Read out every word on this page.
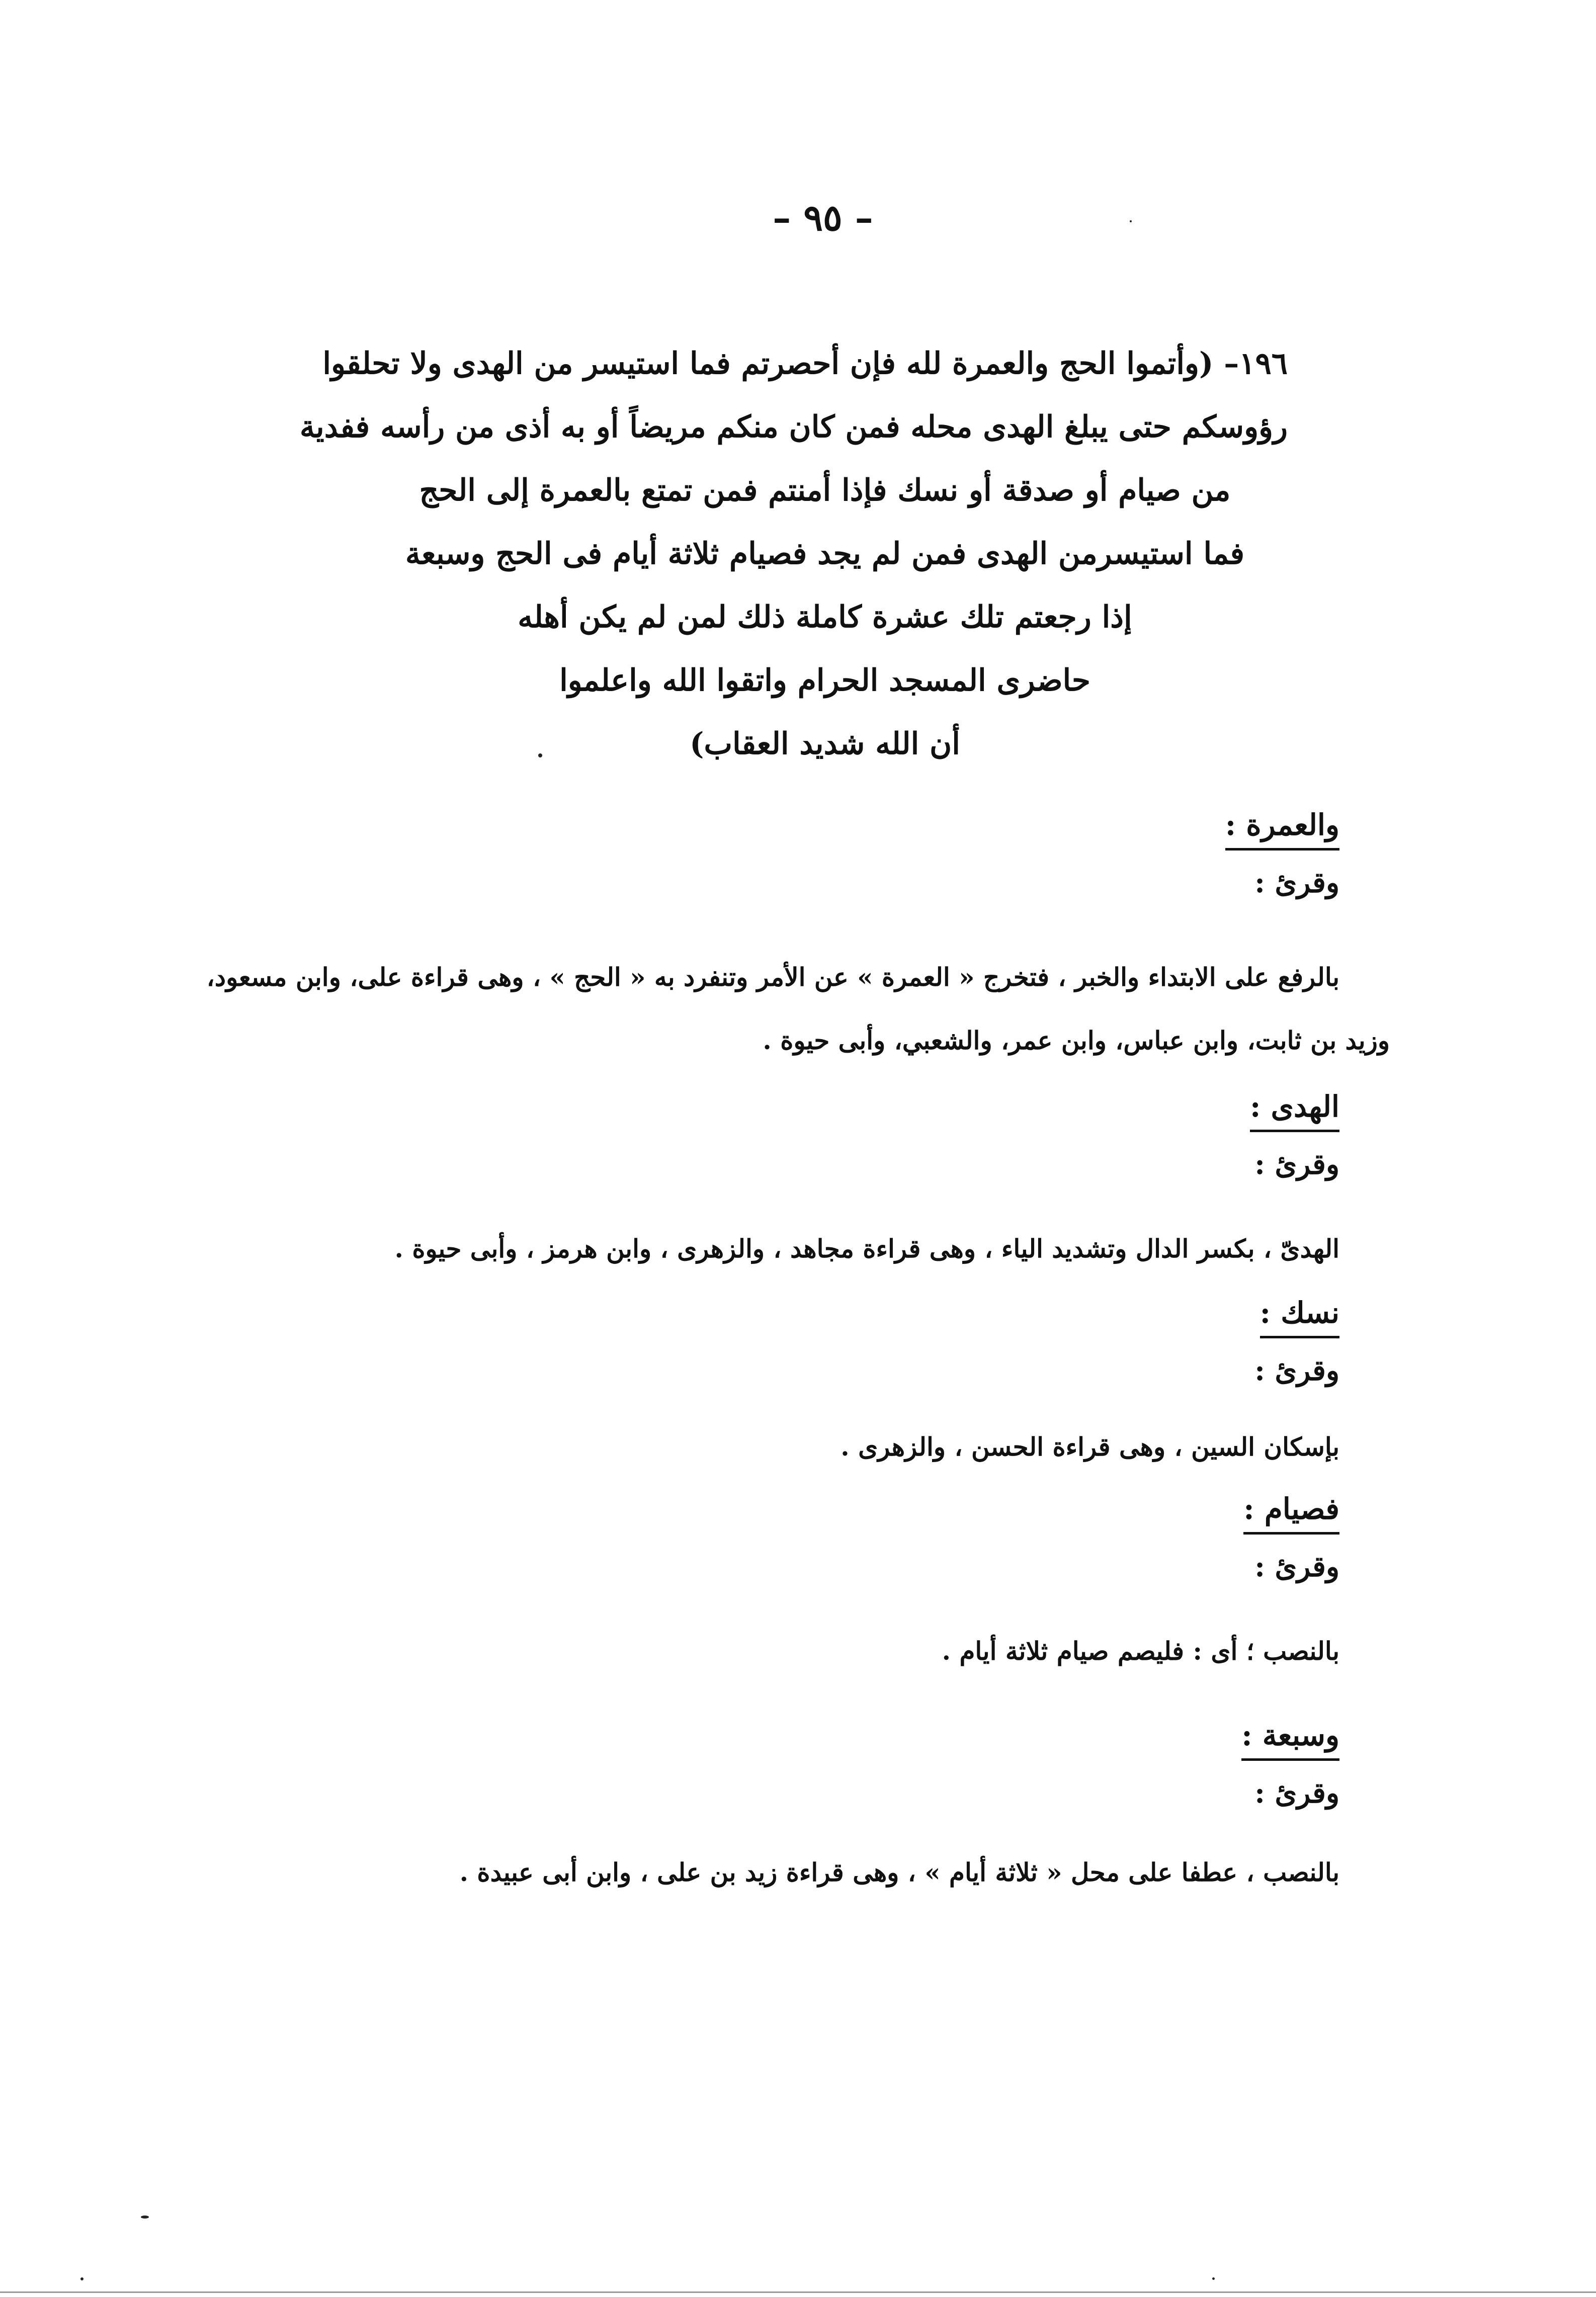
– ٩٥ –
١٩٦– (وأتموا الحج والعمرة لله فإن أحصرتم فما استيسر من الهدى ولا تحلقوا
رؤوسكم حتى يبلغ الهدى محله فمن كان منكم مريضاً أو به أذى من رأسه ففدية
من صيام أو صدقة أو نسك فإذا أمنتم فمن تمتع بالعمرة إلى الحج
فما استيسرمن الهدى فمن لم يجد فصيام ثلاثة أيام فى الحج وسبعة
إذا رجعتم تلك عشرة كاملة ذلك لمن لم يكن أهله
حاضرى المسجد الحرام واتقوا الله واعلموا
أن الله شديد العقاب)
والعمرة :
وقرئ :
بالرفع على الابتداء والخبر ، فتخرج « العمرة » عن الأمر وتنفرد به « الحج » ، وهى قراءة على، وابن مسعود،
وزيد بن ثابت، وابن عباس، وابن عمر، والشعبي، وأبى حيوة .
الهدى :
وقرئ :
الهدىّ ، بكسر الدال وتشديد الياء ، وهى قراءة مجاهد ، والزهرى ، وابن هرمز ، وأبى حيوة .
نسك :
وقرئ :
بإسكان السين ، وهى قراءة الحسن ، والزهرى .
فصيام :
وقرئ :
بالنصب ؛ أى : فليصم صيام ثلاثة أيام .
وسبعة :
وقرئ :
بالنصب ، عطفا على محل « ثلاثة أيام » ، وهى قراءة زيد بن على ، وابن أبى عبيدة .
